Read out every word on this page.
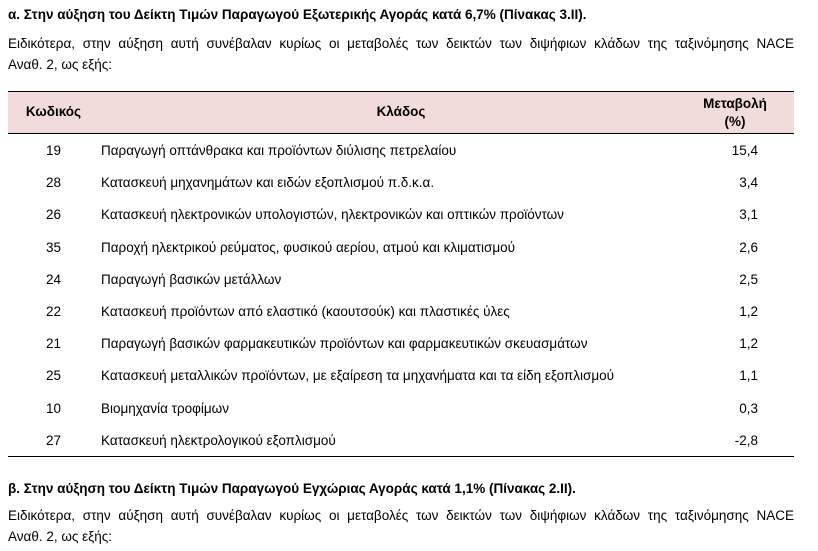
α. Στην αύξηση του Δείκτη Τιμών Παραγωγού Εξωτερικής Αγοράς κατά 6,7% (Πίνακας 3.ΙΙ).
Ειδικότερα, στην αύξηση αυτή συνέβαλαν κυρίως οι μεταβολές των δεικτών των διψήφιων κλάδων της ταξινόμησης NACE
Αναθ. 2, ως εξής:
Κωδικός	Κλάδος
Μεταβολή
(%)
19	Παραγωγή οπτάνθρακα και προϊόντων διύλισης πετρελαίου	15,4
28	Κατασκευή μηχανημάτων και ειδών εξοπλισμού π.δ.κ.α.	3,4
26	Κατασκευή ηλεκτρονικών υπολογιστών, ηλεκτρονικών και οπτικών προϊόντων	3,1
35	Παροχή ηλεκτρικού ρεύματος, φυσικού αερίου, ατμού και κλιματισμού	2,6
24	Παραγωγή βασικών μετάλλων	2,5
22	Κατασκευή προϊόντων από ελαστικό (καουτσούκ) και πλαστικές ύλες	1,2
21	Παραγωγή βασικών φαρμακευτικών προϊόντων και φαρμακευτικών σκευασμάτων	1,2
25	Κατασκευή μεταλλικών προϊόντων, με εξαίρεση τα μηχανήματα και τα είδη εξοπλισμού	1,1
10	Βιομηχανία τροφίμων	0,3
27	Κατασκευή ηλεκτρολογικού εξοπλισμού	-2,8
β. Στην αύξηση του Δείκτη Τιμών Παραγωγού Εγχώριας Αγοράς κατά 1,1% (Πίνακας 2.ΙΙ).
Ειδικότερα, στην αύξηση αυτή συνέβαλαν κυρίως οι μεταβολές των δεικτών των διψήφιων κλάδων της ταξινόμησης NACE
Αναθ. 2, ως εξής:
